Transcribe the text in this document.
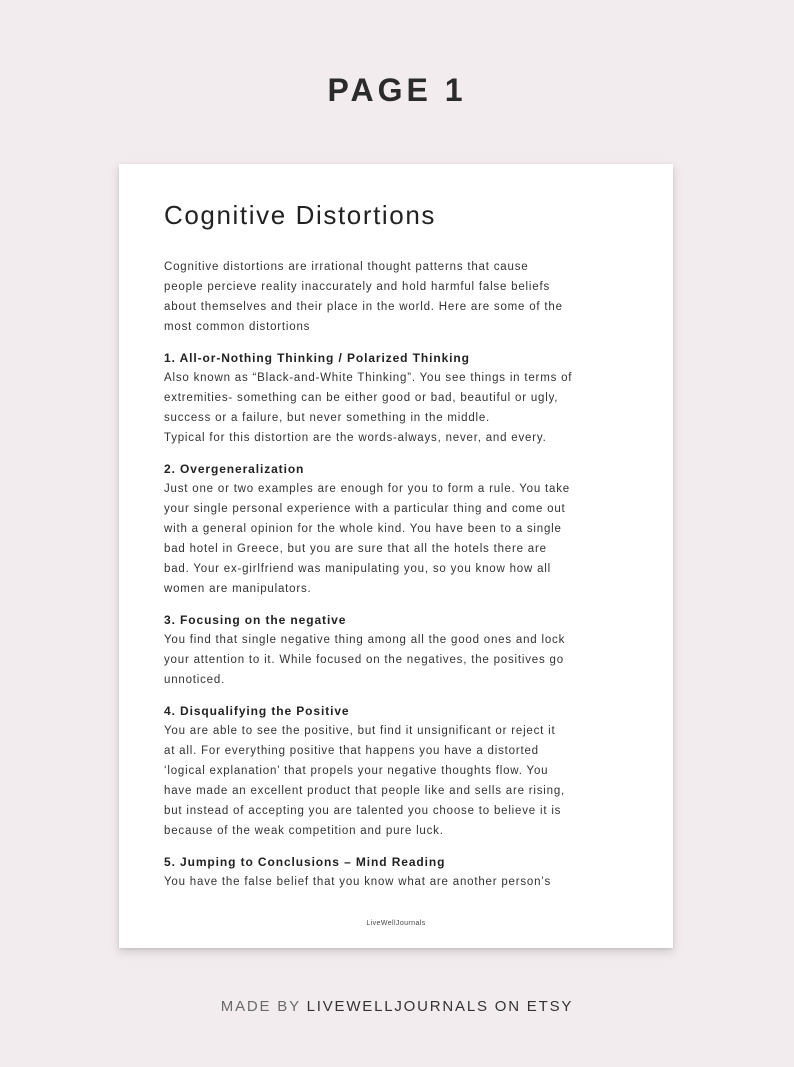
PAGE 1
Cognitive Distortions

Cognitive distortions are irrational thought patterns that cause
people percieve reality inaccurately and hold harmful false beliefs
about themselves and their place in the world. Here are some of the
most common distortions

1. All-or-Nothing Thinking / Polarized Thinking

Also known as “Black-and-White Thinking”. You see things in terms of
extremities- something can be either good or bad, beautiful or ugly,
success or a failure, but never something in the middle.
Typical for this distortion are the words-always, never, and every.

2. Overgeneralization

Just one or two examples are enough for you to form a rule. You take
your single personal experience with a particular thing and come out
with a general opinion for the whole kind. You have been to a single
bad hotel in Greece, but you are sure that all the hotels there are
bad. Your ex-girlfriend was manipulating you, so you know how all
women are manipulators.

3. Focusing on the negative

You find that single negative thing among all the good ones and lock
your attention to it. While focused on the negatives, the positives go
unnoticed.

4. Disqualifying the Positive

You are able to see the positive, but find it unsignificant or reject it
at all. For everything positive that happens you have a distorted
‘logical explanation’ that propels your negative thoughts flow. You
have made an excellent product that people like and sells are rising,
but instead of accepting you are talented you choose to believe it is
because of the weak competition and pure luck.

5. Jumping to Conclusions – Mind Reading

You have the false belief that you know what are another person’s

LiveWellJournals
MADE BY LIVEWELLJOURNALS ON ETSY
